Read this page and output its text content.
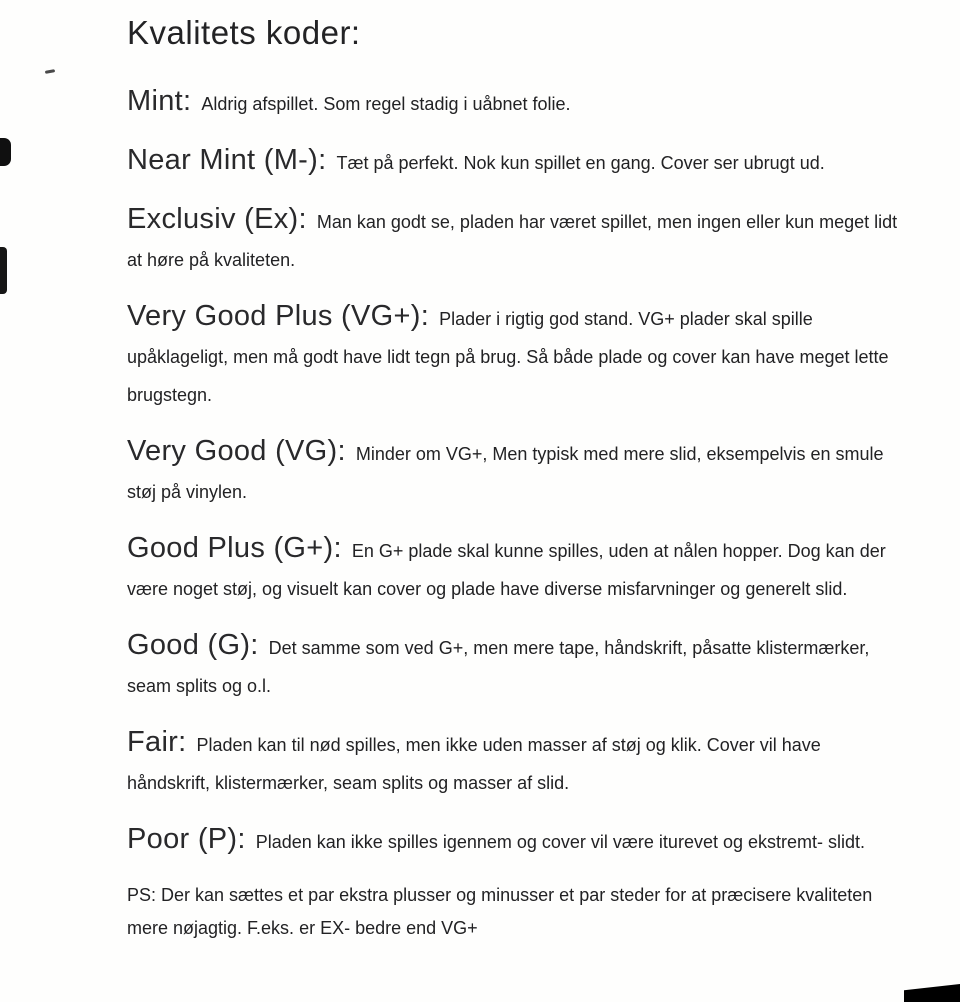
Kvalitets koder:

Mint: Aldrig afspillet. Som regel stadig i uåbnet folie.

Near Mint (M-): Tæt på perfekt. Nok kun spillet en gang. Cover ser ubrugt ud.

Exclusiv (Ex): Man kan godt se, pladen har været spillet, men ingen eller kun meget lidt at høre på kvaliteten.

Very Good Plus (VG+): Plader i rigtig god stand. VG+ plader skal spille upåklageligt, men må godt have lidt tegn på brug. Så både plade og cover kan have meget lette brugstegn.

Very Good (VG): Minder om VG+, Men typisk med mere slid, eksempelvis en smule støj på vinylen.

Good Plus (G+): En G+ plade skal kunne spilles, uden at nålen hopper. Dog kan der være noget støj, og visuelt kan cover og plade have diverse misfarvninger og generelt slid.

Good (G): Det samme som ved G+, men mere tape, håndskrift, påsatte klistermærker, seam splits og o.l.

Fair: Pladen kan til nød spilles, men ikke uden masser af støj og klik. Cover vil have håndskrift, klistermærker, seam splits og masser af slid.

Poor (P): Pladen kan ikke spilles igennem og cover vil være iturevet og ekstremt- slidt.

PS: Der kan sættes et par ekstra plusser og minusser et par steder for at præcisere kvaliteten mere nøjagtig. F.eks. er EX- bedre end VG+
